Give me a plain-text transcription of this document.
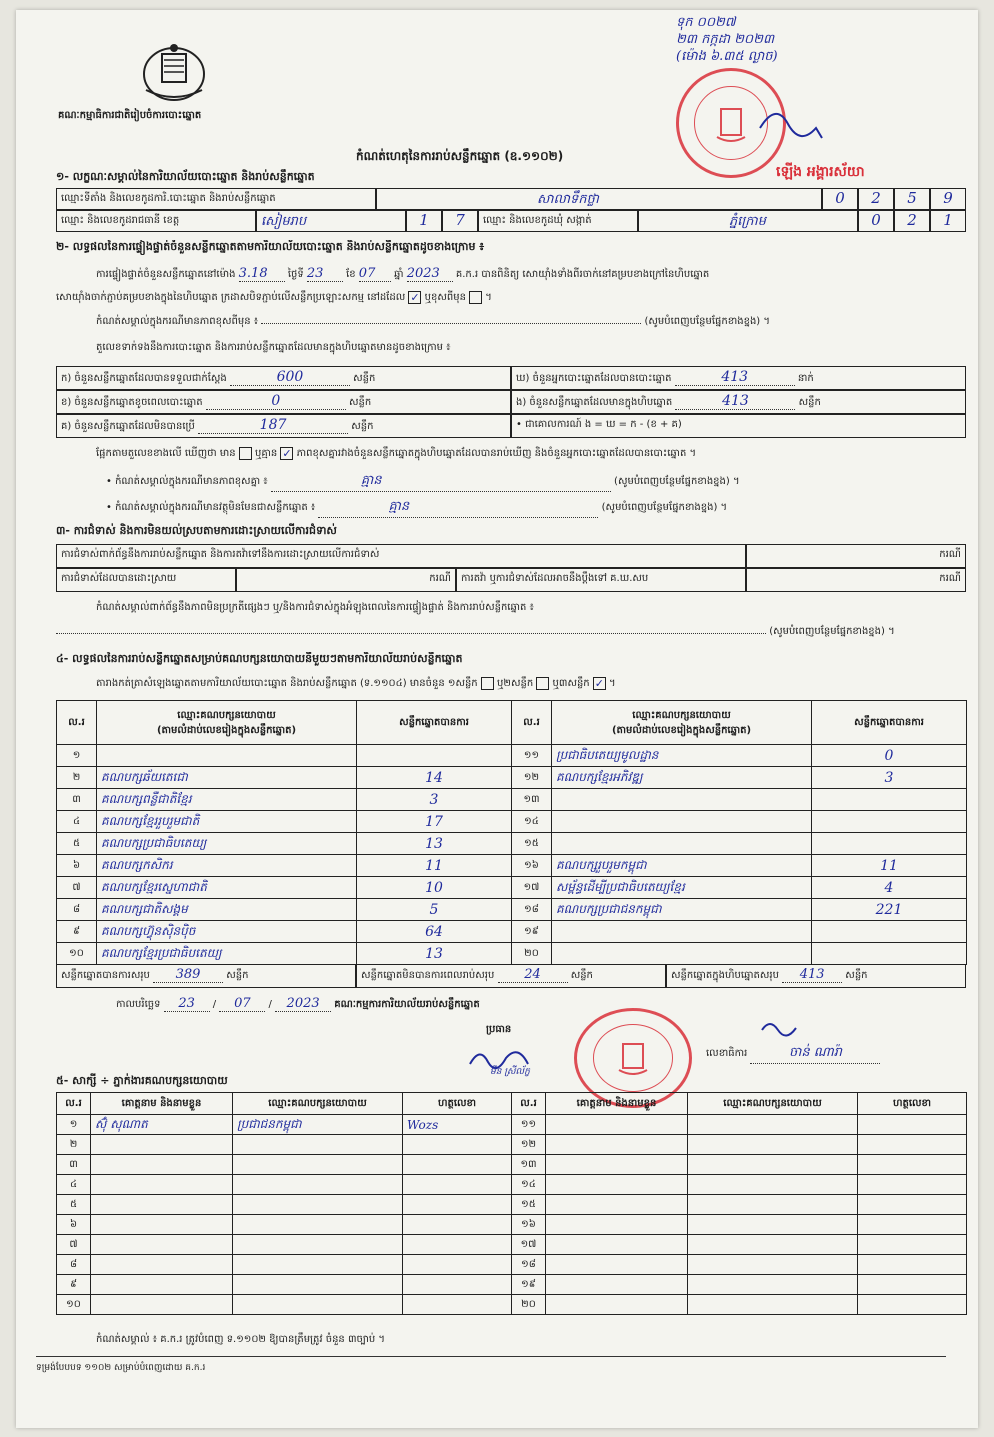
គណៈកម្មាធិការជាតិរៀបចំការបោះឆ្នោត
ទុក ០០២៧
២៣ កក្កដា ២០២៣
(ម៉ោង ៦.៣៥ ល្ងាច)
ឡើង អង្គារស័យា
កំណត់ហេតុនៃការរាប់សន្លឹកឆ្នោត (ឧ.១១០២)
១- លក្ខណៈសម្គាល់នៃការិយាល័យបោះឆ្នោត និងរាប់សន្លឹកឆ្នោត
ឈ្មោះទីតាំង និងលេខកូដការិ.បោះឆ្នោត និងរាប់សន្លឹកឆ្នោត	សាលាទឹកថ្លា	0	2	5	9
ឈ្មោះ និងលេខកូដរាជធានី ខេត្ត	សៀមរាប	1	7	ឈ្មោះ និងលេខកូដឃុំ សង្កាត់	ភ្នំក្រោម	0	2	1
២- លទ្ធផលនៃការផ្ទៀងផ្ទាត់ចំនួនសន្លឹកឆ្នោតតាមការិយាល័យបោះឆ្នោត និងរាប់សន្លឹកឆ្នោតដូចខាងក្រោម ៖
ការផ្ទៀងផ្ទាត់ចំនួនសន្លឹកឆ្នោតនៅម៉ោង 3.18 ថ្ងៃទី 23 ខែ 07 ឆ្នាំ 2023 គ.ក.រ បានពិនិត្យ សោយ៉ាំងទាំងពីរចាក់នៅគម្របខាងក្រៅនៃហិបឆ្នោត
សោយ៉ាំងចាក់ភ្ជាប់គម្របខាងក្នុងនៃហិបឆ្នោត ក្រដាសបិទភ្ជាប់លើសន្លឹកប្រឡោះសកម្ម នៅដដែល ✓ ឬខុសពីមុន  ។
កំណត់សម្គាល់ក្នុងករណីមានភាពខុសពីមុន ៖	(សូមបំពេញបន្ថែមផ្នែកខាងខ្នង) ។
តួលេខទាក់ទងនឹងការបោះឆ្នោត និងការរាប់សន្លឹកឆ្នោតដែលមានក្នុងហិបឆ្នោតមានដូចខាងក្រោម ៖
ក) ចំនួនសន្លឹកឆ្នោតដែលបានទទួលជាក់ស្តែង	600	សន្លឹក	ឃ) ចំនួនអ្នកបោះឆ្នោតដែលបានបោះឆ្នោត	413	នាក់
ខ) ចំនួនសន្លឹកឆ្នោតខូចពេលបោះឆ្នោត	0	សន្លឹក	ង) ចំនួនសន្លឹកឆ្នោតដែលមានក្នុងហិបឆ្នោត	413	សន្លឹក
គ) ចំនួនសន្លឹកឆ្នោតដែលមិនបានប្រើ	187	សន្លឹក	• ជាគោលការណ៍ ង = ឃ = ក - (ខ + គ)
ផ្អែកតាមតួលេខខាងលើ ឃើញថា មាន ឬគ្មាន ✓ ភាពខុសគ្នារវាងចំនួនសន្លឹកឆ្នោតក្នុងហិបឆ្នោតដែលបានរាប់ឃើញ និងចំនួនអ្នកបោះឆ្នោតដែលបានបោះឆ្នោត ។
• កំណត់សម្គាល់ក្នុងករណីមានភាពខុសគ្នា ៖	គ្មាន	(សូមបំពេញបន្ថែមផ្នែកខាងខ្នង) ។
• កំណត់សម្គាល់ក្នុងករណីមានវត្ថុមិនមែនជាសន្លឹកឆ្នោត ៖	គ្មាន	(សូមបំពេញបន្ថែមផ្នែកខាងខ្នង) ។
៣- ការជំទាស់ និងការមិនយល់ស្របតាមការដោះស្រាយលើការជំទាស់
ការជំទាស់ពាក់ព័ន្ធនឹងការរាប់សន្លឹកឆ្នោត និងការតវ៉ាទៅនឹងការដោះស្រាយលើការជំទាស់	ករណី
ការជំទាស់ដែលបានដោះស្រាយ	ករណី	ការតវ៉ា ឬការជំទាស់ដែលអាចនឹងប្តឹងទៅ គ.ឃ.សប	ករណី
កំណត់សម្គាល់ពាក់ព័ន្ធនឹងភាពមិនប្រក្រតីផ្សេងៗ ឬ/និងការជំទាស់ក្នុងអំឡុងពេលនៃការផ្ទៀងផ្ទាត់ និងការរាប់សន្លឹកឆ្នោត ៖
(សូមបំពេញបន្ថែមផ្នែកខាងខ្នង) ។
៤- លទ្ធផលនៃការរាប់សន្លឹកឆ្នោតសម្រាប់គណបក្សនយោបាយនីមួយៗតាមការិយាល័យរាប់សន្លឹកឆ្នោត
តារាងកត់ត្រាសំឡេងឆ្នោតតាមការិយាល័យបោះឆ្នោត និងរាប់សន្លឹកឆ្នោត (ទ.១១០៤) មានចំនួន ១សន្លឹក ឬ២សន្លឹក ឬ៣សន្លឹក ✓ ។
ល.រ	ឈ្មោះគណបក្សនយោបាយ
(តាមលំដាប់លេខរៀងក្នុងសន្លឹកឆ្នោត)	សន្លឹកឆ្នោតបានការ
១		
២	គណបក្សឆ័យតេជោ	14
៣	គណបក្សពន្លឺជាតិខ្មែរ	3
៤	គណបក្សខ្មែររួបរួមជាតិ	17
៥	គណបក្សប្រជាធិបតេយ្យ	13
៦	គណបក្សកសិករ	11
៧	គណបក្សខ្មែរស្នេហាជាតិ	10
៨	គណបក្សជាតិសង្គម	5
៩	គណបក្សហ៊្វុនស៊ិនប៉ិច	64
១០	គណបក្សខ្មែរប្រជាធិបតេយ្យ	13
ល.រ	ឈ្មោះគណបក្សនយោបាយ
(តាមលំដាប់លេខរៀងក្នុងសន្លឹកឆ្នោត)	សន្លឹកឆ្នោតបានការ
១១	ប្រជាធិបតេយ្យមូលដ្ឋាន	0
១២	គណបក្សខ្មែរអភិវឌ្ឍ	3
១៣		
១៤		
១៥		
១៦	គណបក្សរួបរួមកម្ពុជា	11
១៧	សម្ព័ន្ធដើម្បីប្រជាធិបតេយ្យខ្មែរ	4
១៨	គណបក្សប្រជាជនកម្ពុជា	221
១៩		
២០		
សន្លឹកឆ្នោតបានការសរុប 389	សន្លឹក	សន្លឹកឆ្នោតមិនបានការពេលរាប់សរុប 24	សន្លឹក	សន្លឹកឆ្នោតក្នុងហិបឆ្នោតសរុប 413 សន្លឹក
កាលបរិច្ឆេទ 23 / 07 / 2023 គណៈកម្មការការិយាល័យរាប់សន្លឹកឆ្នោត
ប្រធាន
មឹន ស្រីល័ក្ខ
លេខាធិការ	ចាន់ ណារ៉ា
៥- សាក្សី ÷ ភ្នាក់ងារគណបក្សនយោបាយ
ល.រ	គោត្តនាម និងនាមខ្លួន	ឈ្មោះគណបក្សនយោបាយ	ហត្ថលេខា
១	ស៊ុំ សុណាត	ប្រជាជនកម្ពុជា	Wozs
២			
៣			
៤			
៥			
៦			
៧			
៨			
៩			
១០			
ល.រ	គោត្តនាម និងនាមខ្លួន	ឈ្មោះគណបក្សនយោបាយ	ហត្ថលេខា
១១			
១២			
១៣			
១៤			
១៥			
១៦			
១៧			
១៨			
១៩			
២០			
កំណត់សម្គាល់ ៖ គ.ក.រ ត្រូវបំពេញ ទ.១១០២ ឱ្យបានត្រឹមត្រូវ ចំនួន ៣ច្បាប់ ។
ទម្រង់បែបបទ ១១០២ សម្រាប់បំពេញដោយ គ.ក.រ
